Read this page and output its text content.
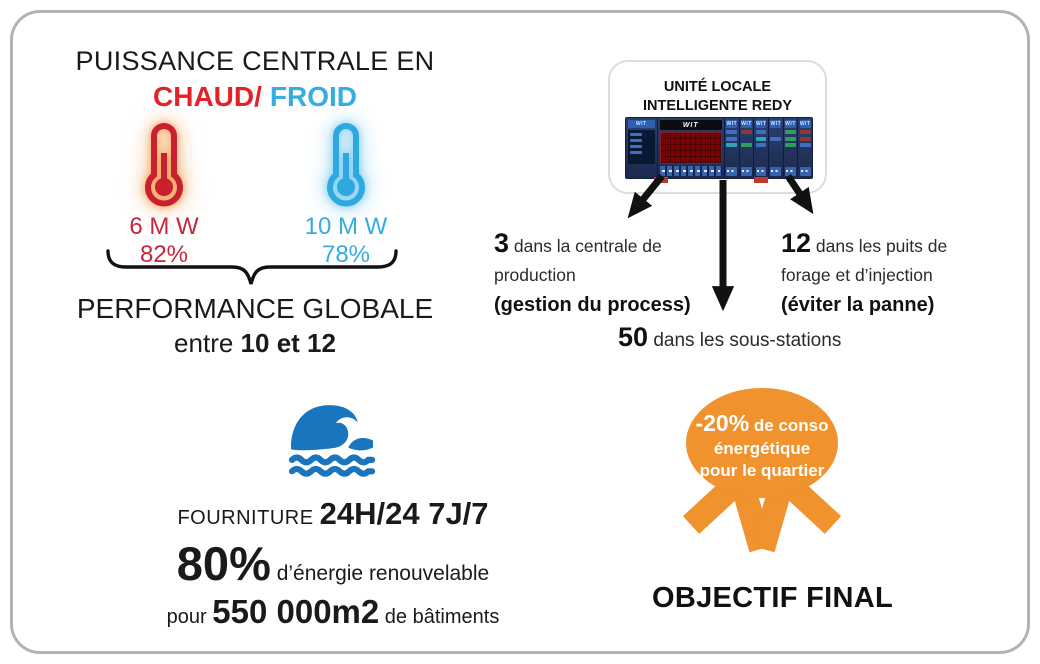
PUISSANCE CENTRALE EN
CHAUD/ FROID
6 M W
82%
10 M W
78%
PERFORMANCE GLOBALE
entre 10 et 12
UNITÉ LOCALE
INTELLIGENTE REDY
WIT	WIT	WIT WIT WIT WIT WIT WIT
3 dans la centrale de
production
(gestion du process)
12 dans les puits de
forage et d’injection
(éviter la panne)
50 dans les sous-stations
FOURNITURE 24H/24 7J/7
80% d’énergie renouvelable
pour 550 000m2 de bâtiments
-20% de conso
énergétique
pour le quartier
OBJECTIF FINAL
